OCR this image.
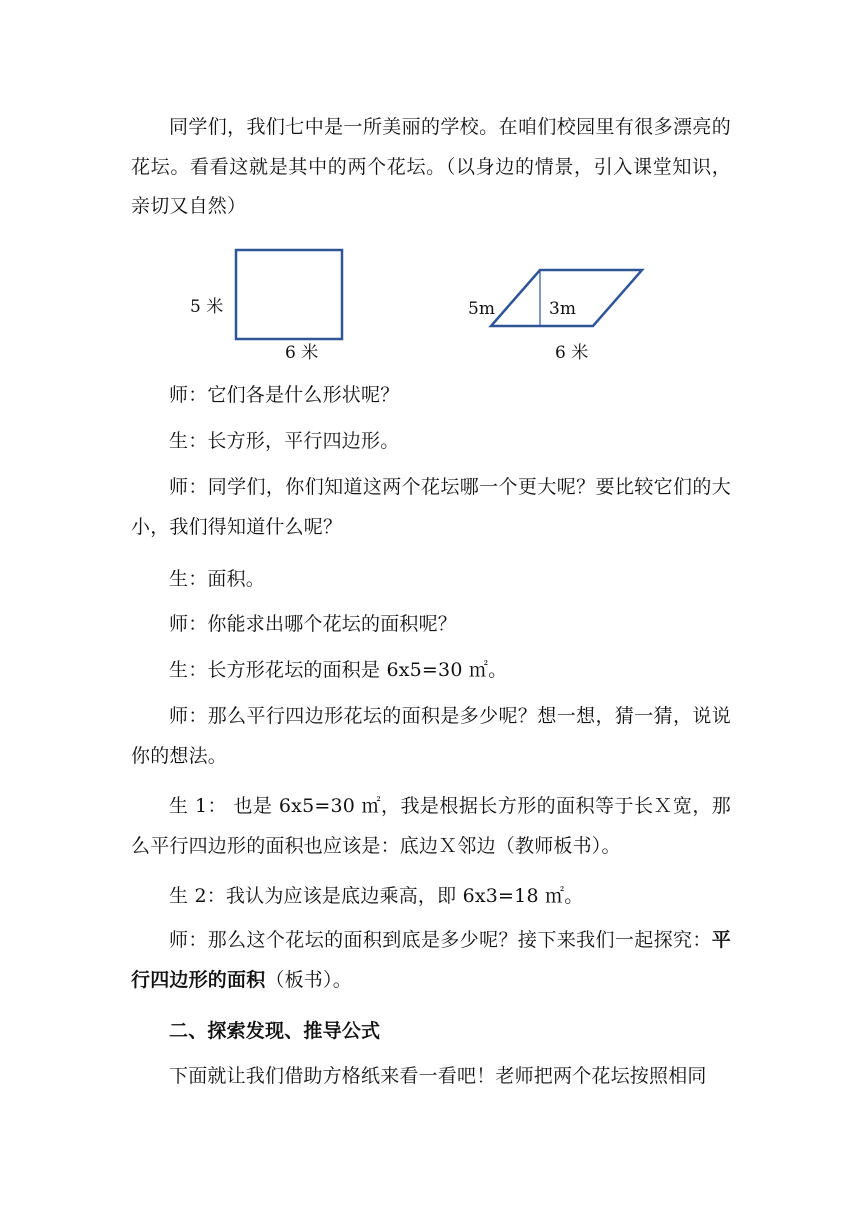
同学们，我们七中是一所美丽的学校。在咱们校园里有很多漂亮的花坛。看看这就是其中的两个花坛。（以身边的情景，引入课堂知识，亲切又自然）

5 米
6 米
5m	3m
6 米

师：它们各是什么形状呢？

生：长方形，平行四边形。

师：同学们，你们知道这两个花坛哪一个更大呢？要比较它们的大小，我们得知道什么呢？

生：面积。

师：你能求出哪个花坛的面积呢？

生：长方形花坛的面积是 6x5=30 ㎡。

师：那么平行四边形花坛的面积是多少呢？想一想，猜一猜，说说你的想法。

生 1： 也是 6x5=30 ㎡，我是根据长方形的面积等于长Ｘ宽，那么平行四边形的面积也应该是：底边Ｘ邻边（教师板书）。

生 2：我认为应该是底边乘高，即 6x3=18 ㎡。

师：那么这个花坛的面积到底是多少呢？接下来我们一起探究：平行四边形的面积（板书）。

二、探索发现、推导公式

下面就让我们借助方格纸来看一看吧！老师把两个花坛按照相同
